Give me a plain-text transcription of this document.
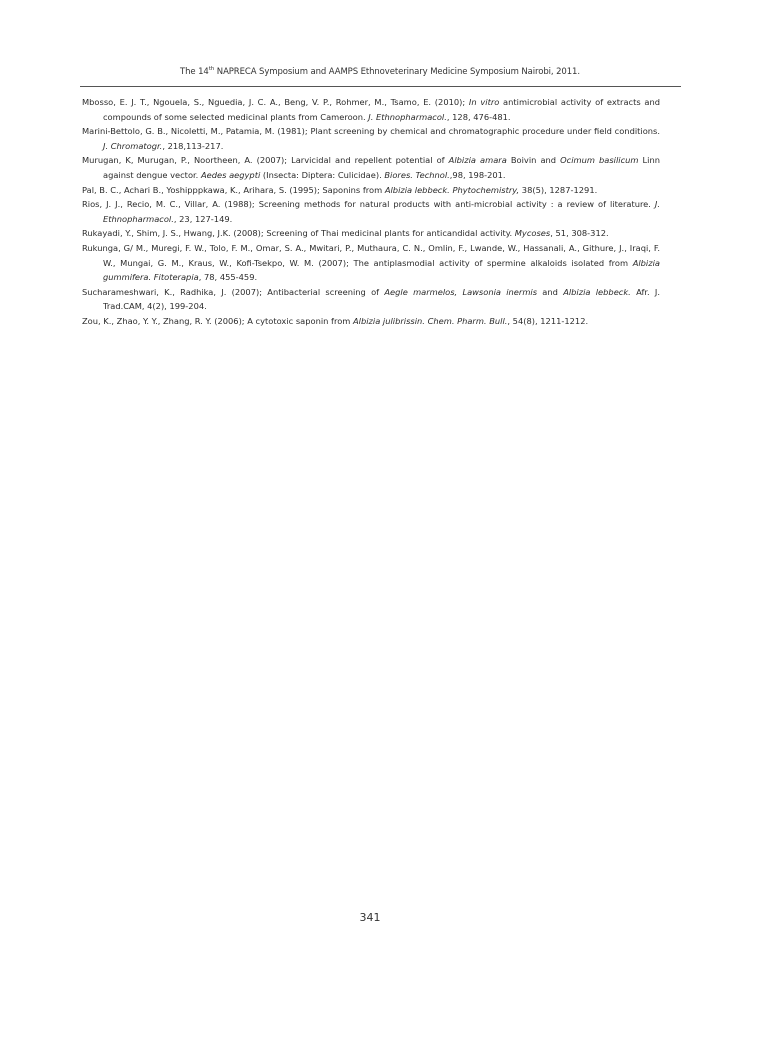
The 14th NAPRECA Symposium and AAMPS Ethnoveterinary Medicine Symposium Nairobi, 2011.

Mbosso, E. J. T., Ngouela, S., Nguedia, J. C. A., Beng, V. P., Rohmer, M., Tsamo, E. (2010); In vitro antimicrobial activity of extracts and compounds of some selected medicinal plants from Cameroon. J. Ethnopharmacol., 128, 476-481.

Marini-Bettolo, G. B., Nicoletti, M., Patamia, M. (1981); Plant screening by chemical and chromatographic procedure under field conditions. J. Chromatogr., 218,113-217.

Murugan, K, Murugan, P., Noortheen, A. (2007); Larvicidal and repellent potential of Albizia amara Boivin and Ocimum basilicum Linn against dengue vector. Aedes aegypti (Insecta: Diptera: Culicidae). Biores. Technol.,98, 198-201.

Pal, B. C., Achari B., Yoshipppkawa, K., Arihara, S. (1995); Saponins from Albizia lebbeck. Phytochemistry, 38(5), 1287-1291.

Rios, J. J., Recio, M. C., Villar, A. (1988); Screening methods for natural products with anti-microbial activity : a review of literature. J. Ethnopharmacol., 23, 127-149.

Rukayadi, Y., Shim, J. S., Hwang, J.K. (2008); Screening of Thai medicinal plants for anticandidal activity. Mycoses, 51, 308-312.

Rukunga, G/ M., Muregi, F. W., Tolo, F. M., Omar, S. A., Mwitari, P., Muthaura, C. N., Omlin, F., Lwande, W., Hassanali, A., Githure, J., Iraqi, F. W., Mungai, G. M., Kraus, W., Kofi-Tsekpo, W. M. (2007); The antiplasmodial activity of spermine alkaloids isolated from Albizia gummifera. Fitoterapia, 78, 455-459.

Sucharameshwari, K., Radhika, J. (2007); Antibacterial screening of Aegle marmelos, Lawsonia inermis and Albizia lebbeck. Afr. J. Trad.CAM, 4(2), 199-204.

Zou, K., Zhao, Y. Y., Zhang, R. Y. (2006); A cytotoxic saponin from Albizia julibrissin. Chem. Pharm. Bull., 54(8), 1211-1212.

341
